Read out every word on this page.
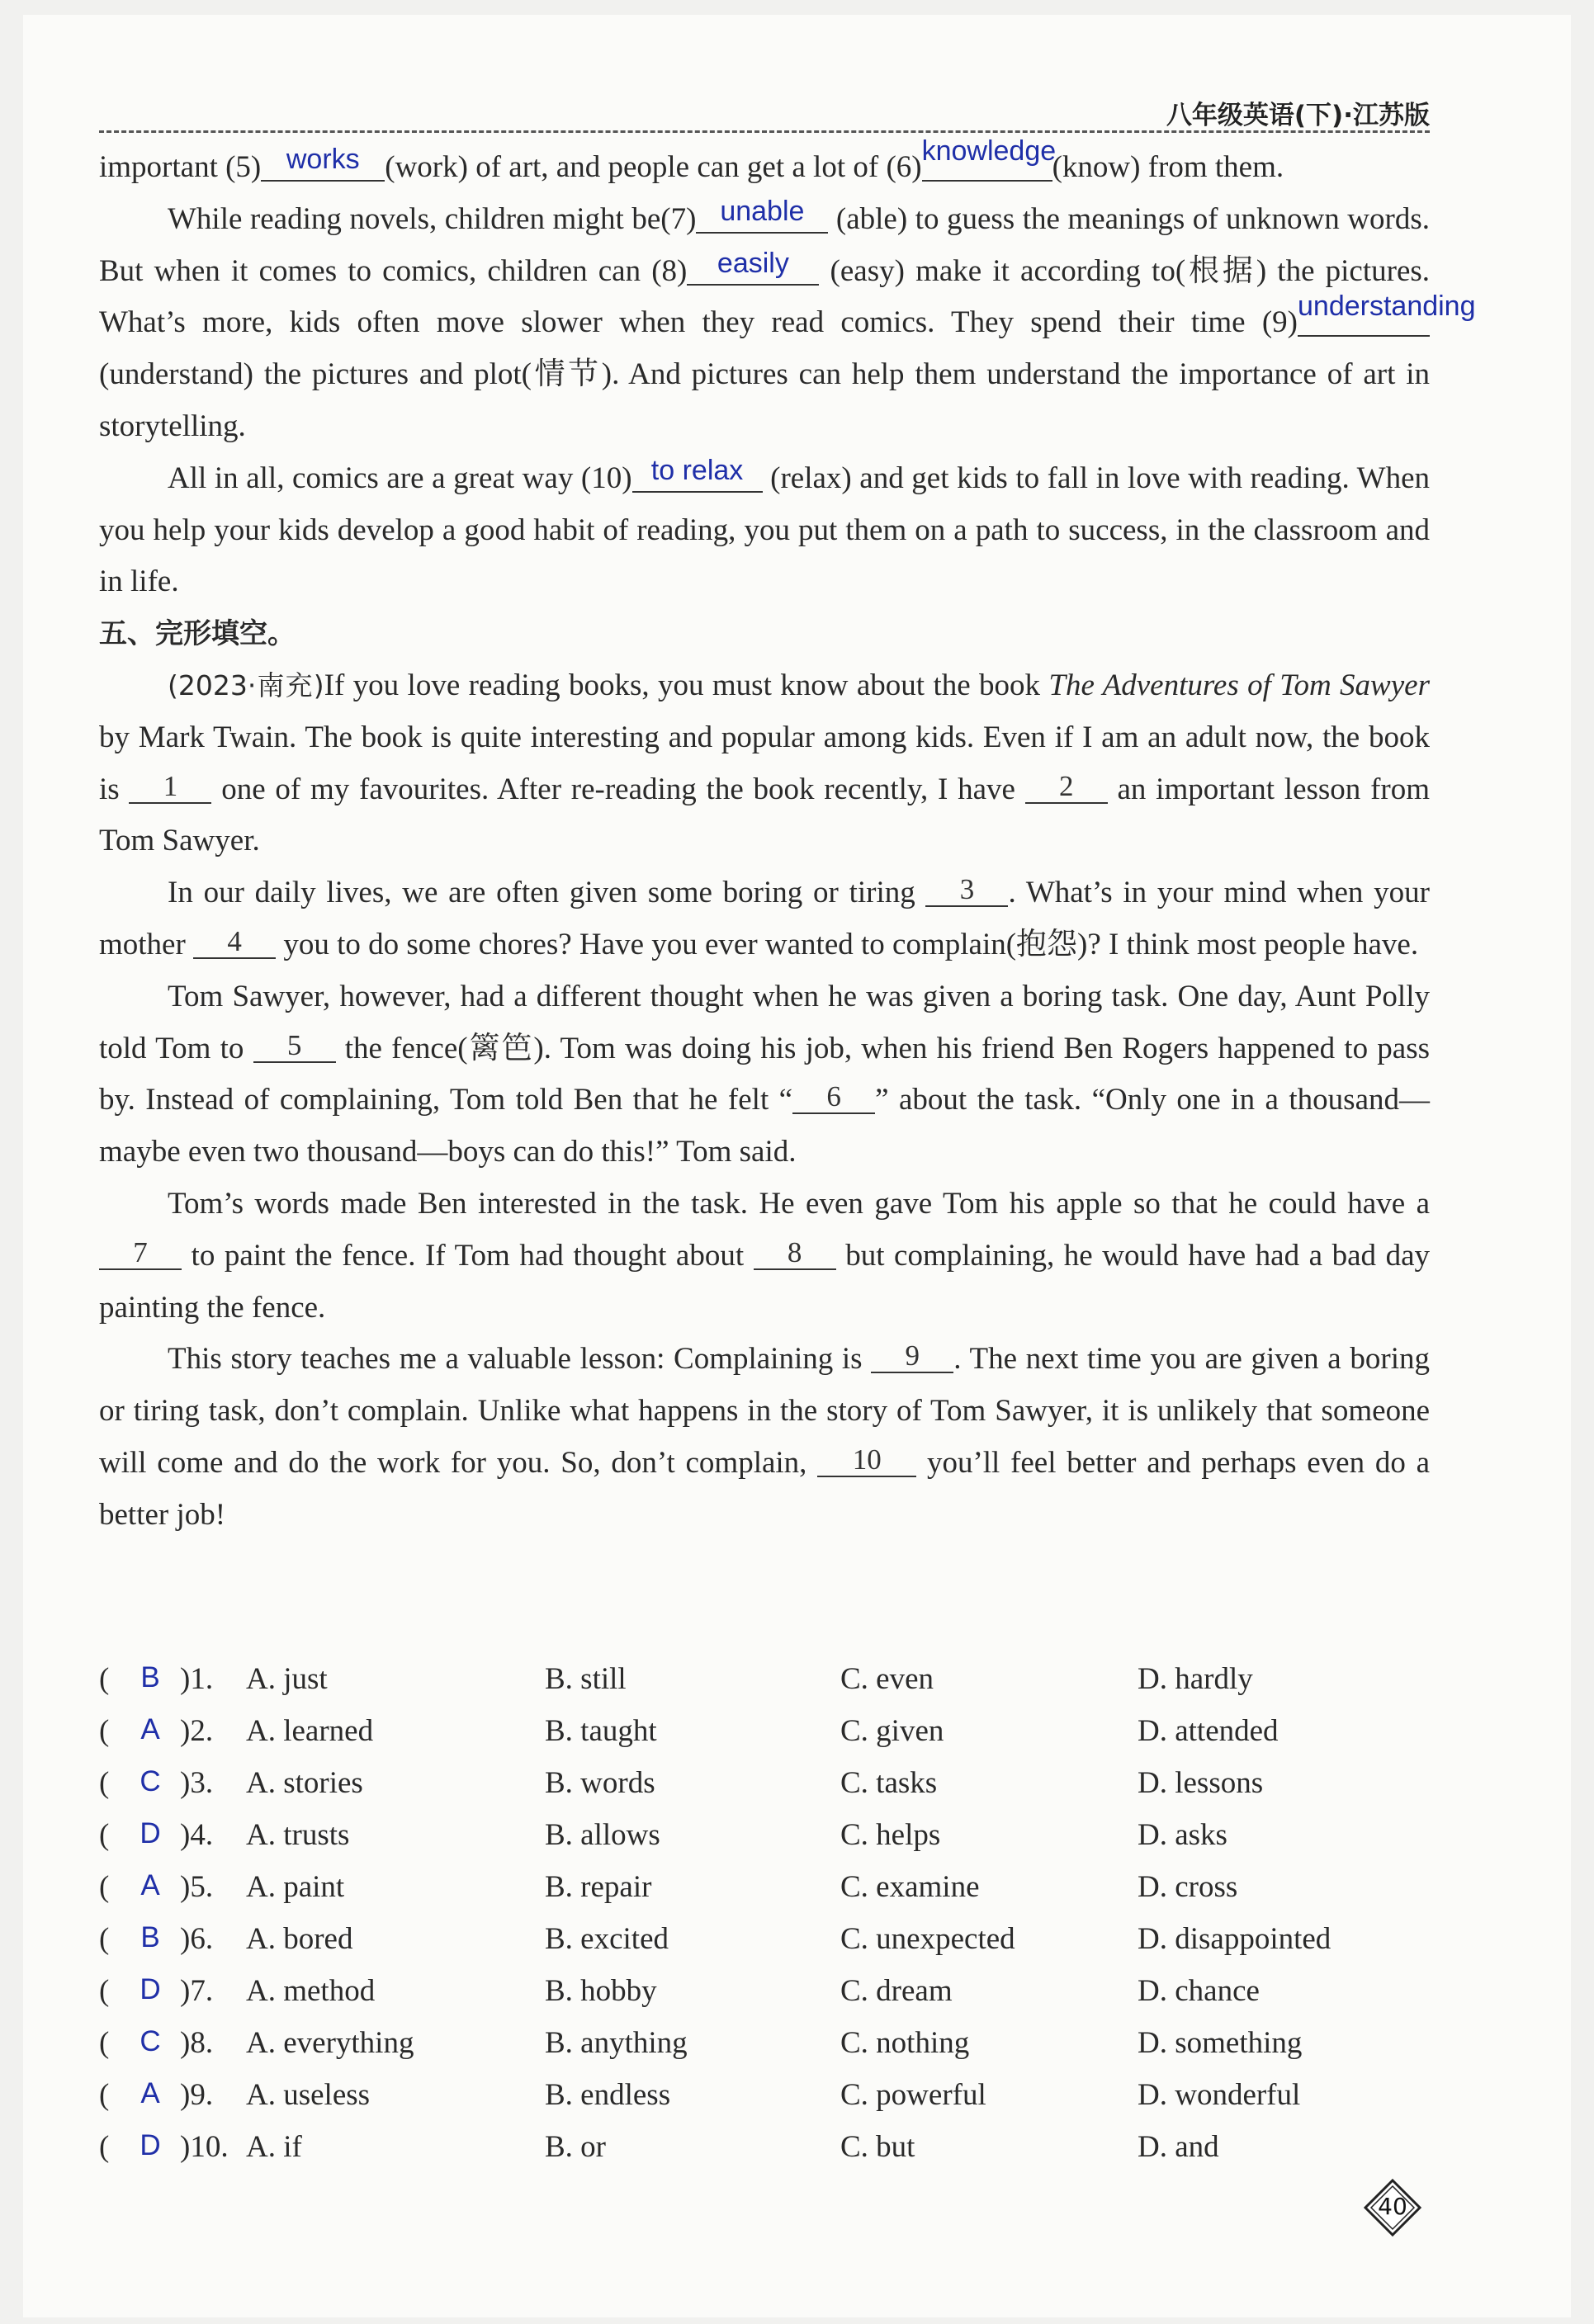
八年级英语(下)·江苏版

important (5) works (work) of art, and people can get a lot of (6) knowledge
(know) from them.

While reading novels, children might be(7) unable (able) to guess the meanings of unknown words. But when it comes to comics, children can (8)	easily (easy) make it according to(根据) the pictures. What’s more, kids often move slower when they read comics. They spend their time (9) understanding
(understand) the pictures and plot(情节). And pictures can help them understand the importance of art in storytelling.

All in all, comics are a great way (10) to relax (relax) and get kids to fall in love with reading. When you help your kids develop a good habit of reading, you put them on a path to success, in the classroom and in life.

五、完形填空。

(2023·南充)If you love reading books, you must know about the book The Adventures of Tom Sawyer by Mark Twain. The book is quite interesting and popular among kids. Even if I am an adult now, the book is	1	one of my favourites. After re-reading the book recently, I have	2	an important lesson from Tom Sawyer.

In our daily lives, we are often given some boring or tiring	3	. What’s in your mind when your mother	4	you to do some chores? Have you ever wanted to complain(抱怨)? I think most people have.

Tom Sawyer, however, had a different thought when he was given a boring task. One day, Aunt Polly told Tom to	5	the fence(篱笆). Tom was doing his job, when his friend Ben Rogers happened to pass by. Instead of complaining, Tom told Ben that he felt “	6	” about the task. “Only one in a thousand—maybe even two thousand—boys can do this!” Tom said.

Tom’s words made Ben interested in the task. He even gave Tom his apple so that he could have a
7	to paint the fence. If Tom had thought about	8	but complaining, he would have had a bad day painting the fence.

This story teaches me a valuable lesson: Complaining is	9	. The next time you are given a boring or tiring task, don’t complain. Unlike what happens in the story of Tom Sawyer, it is unlikely that someone will come and do the work for you. So, don’t complain,	10	you’ll feel better and perhaps even do a better job!

( B )1. A. just	B. still	C. even	D. hardly
( A )2. A. learned	B. taught	C. given	D. attended
( C )3. A. stories	B. words	C. tasks	D. lessons
( D )4. A. trusts	B. allows	C. helps	D. asks
( A )5. A. paint	B. repair	C. examine	D. cross
( B )6. A. bored	B. excited	C. unexpected	D. disappointed
( D )7. A. method	B. hobby	C. dream	D. chance
( C )8. A. everything	B. anything	C. nothing	D. something
( A )9. A. useless	B. endless	C. powerful	D. wonderful
( D )10. A. if	B. or	C. but	D. and
40
